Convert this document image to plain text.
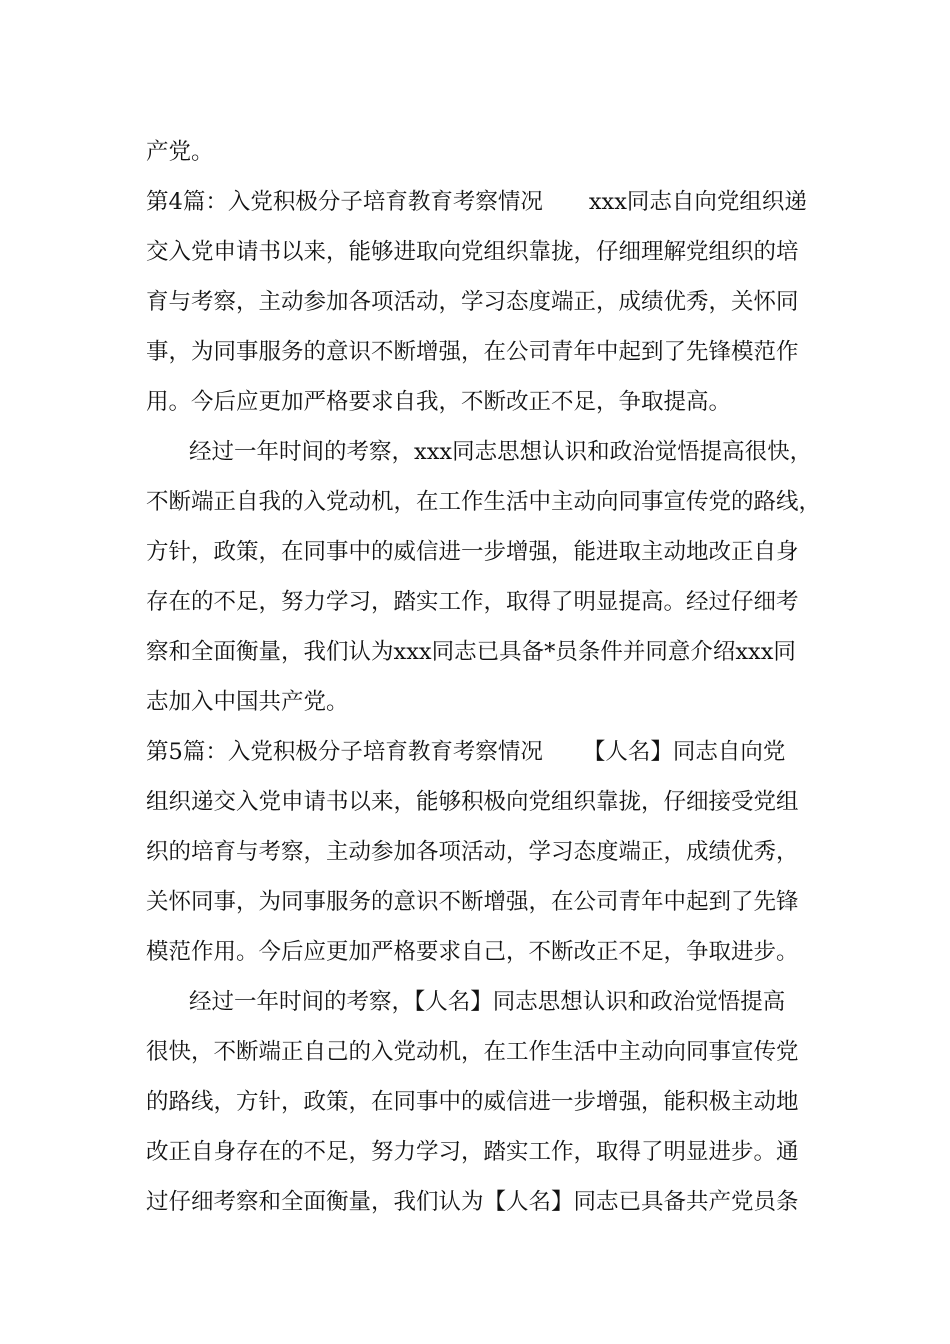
产党。
第4篇：入党积极分子培育教育考察情况 xxx同志自向党组织递
交入党申请书以来，能够进取向党组织靠拢，仔细理解党组织的培
育与考察，主动参加各项活动，学习态度端正，成绩优秀，关怀同
事，为同事服务的意识不断增强，在公司青年中起到了先锋模范作
用。今后应更加严格要求自我，不断改正不足，争取提高。
经过一年时间的考察，xxx同志思想认识和政治觉悟提高很快，
不断端正自我的入党动机，在工作生活中主动向同事宣传党的路线，
方针，政策，在同事中的威信进一步增强，能进取主动地改正自身
存在的不足，努力学习，踏实工作，取得了明显提高。经过仔细考
察和全面衡量，我们认为xxx同志已具备*员条件并同意介绍xxx同
志加入中国共产党。
第5篇：入党积极分子培育教育考察情况 【人名】同志自向党
组织递交入党申请书以来，能够积极向党组织靠拢，仔细接受党组
织的培育与考察，主动参加各项活动，学习态度端正，成绩优秀，
关怀同事，为同事服务的意识不断增强，在公司青年中起到了先锋
模范作用。今后应更加严格要求自己，不断改正不足，争取进步。
经过一年时间的考察，【人名】同志思想认识和政治觉悟提高
很快，不断端正自己的入党动机，在工作生活中主动向同事宣传党
的路线，方针，政策，在同事中的威信进一步增强，能积极主动地
改正自身存在的不足，努力学习，踏实工作，取得了明显进步。通
过仔细考察和全面衡量，我们认为【人名】同志已具备共产党员条
